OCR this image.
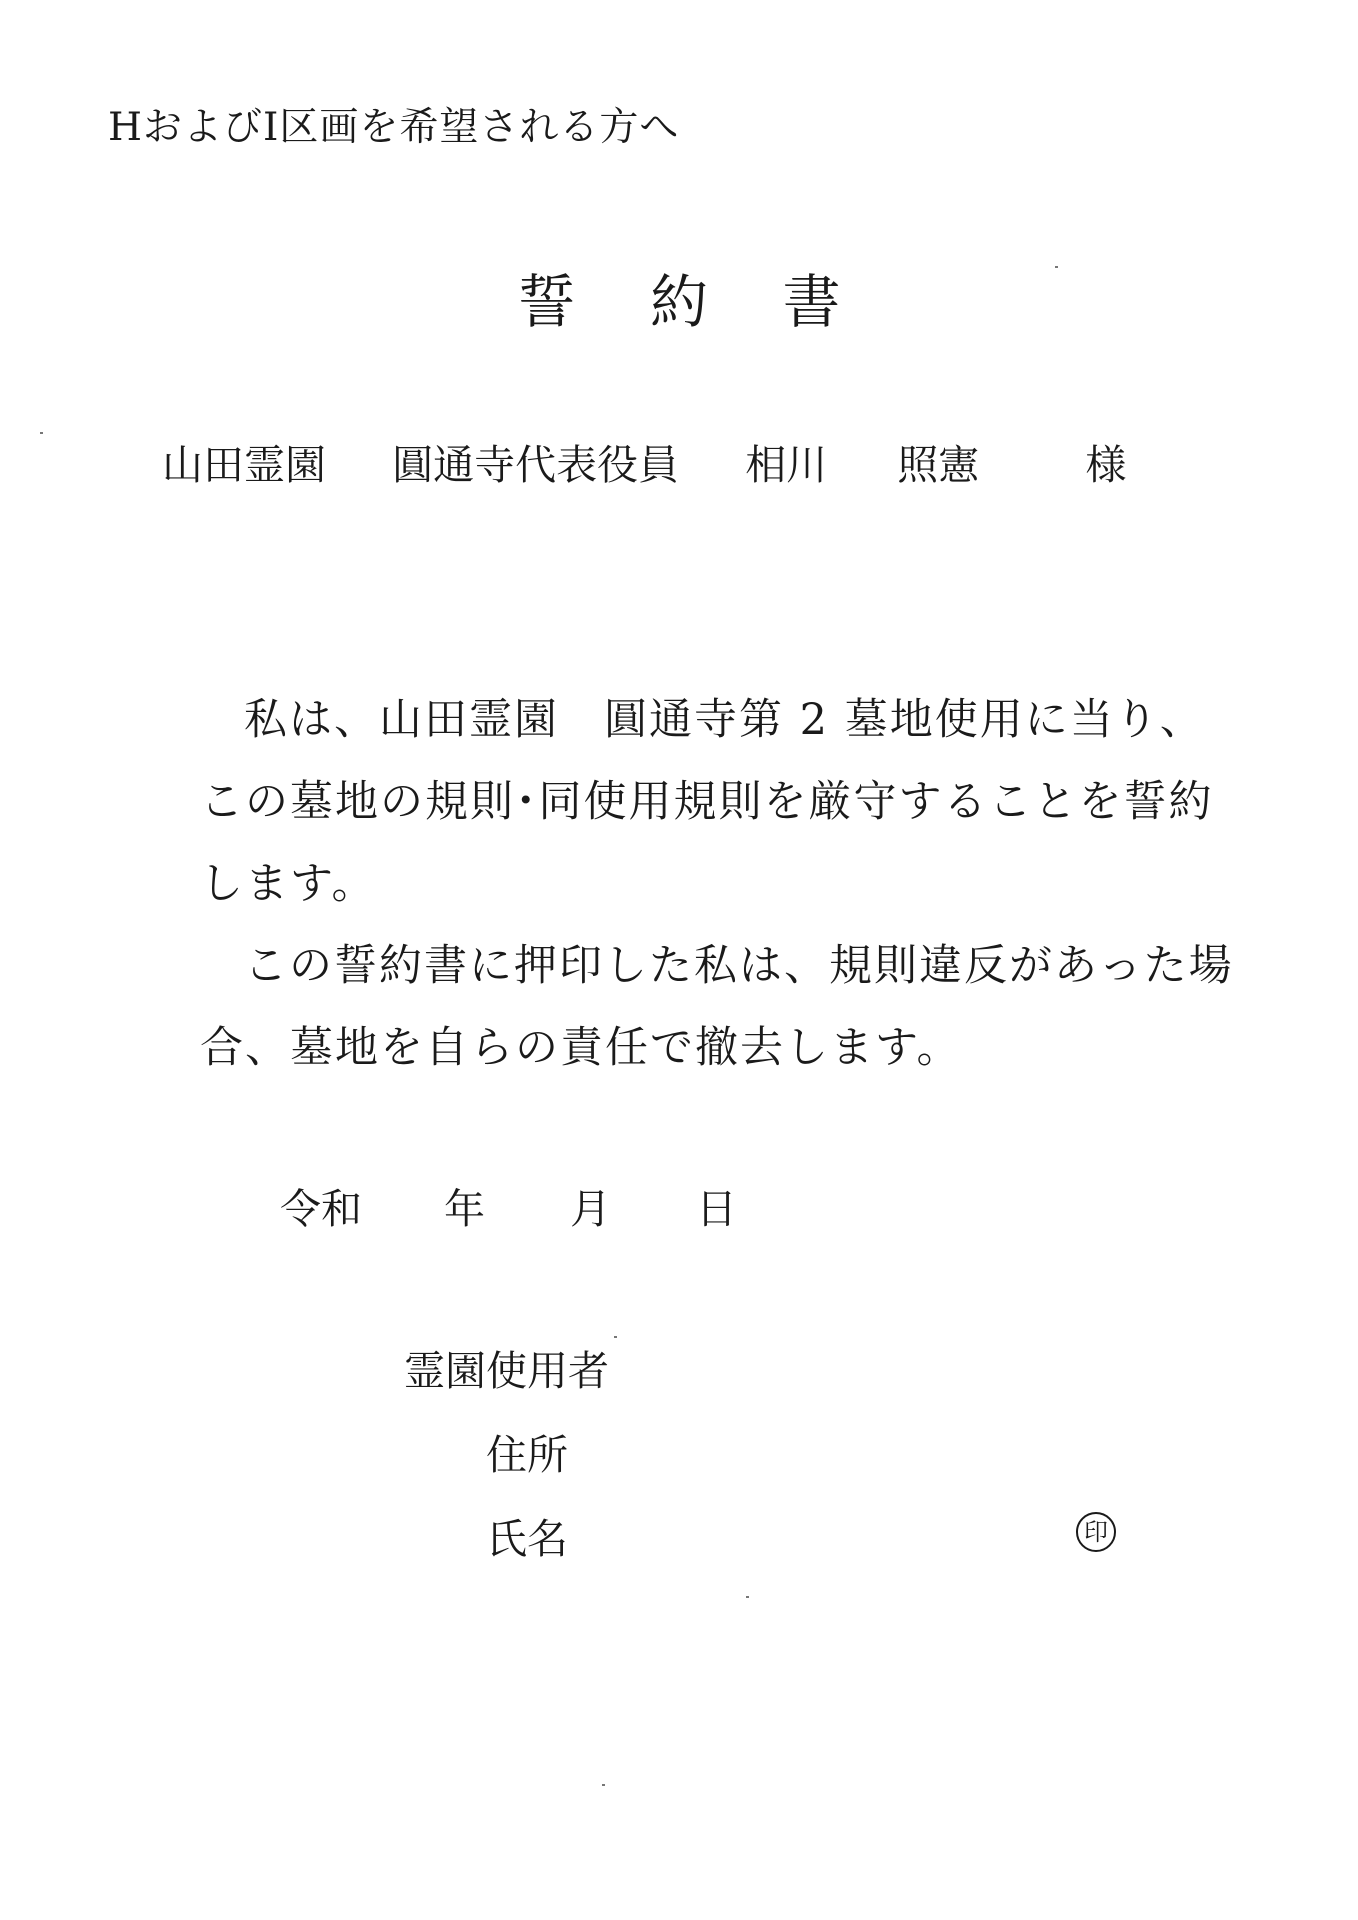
HおよびI区画を希望される方へ
誓 約 書
山田霊園 圓通寺代表役員 相川 照憲	様
私は、山田霊園　圓通寺第 2 墓地使用に当り、
この墓地の規則･同使用規則を厳守することを誓約
します。
この誓約書に押印した私は、規則違反があった場
合、墓地を自らの責任で撤去します。
令和 年 月 日
霊園使用者
住所
氏名	印
